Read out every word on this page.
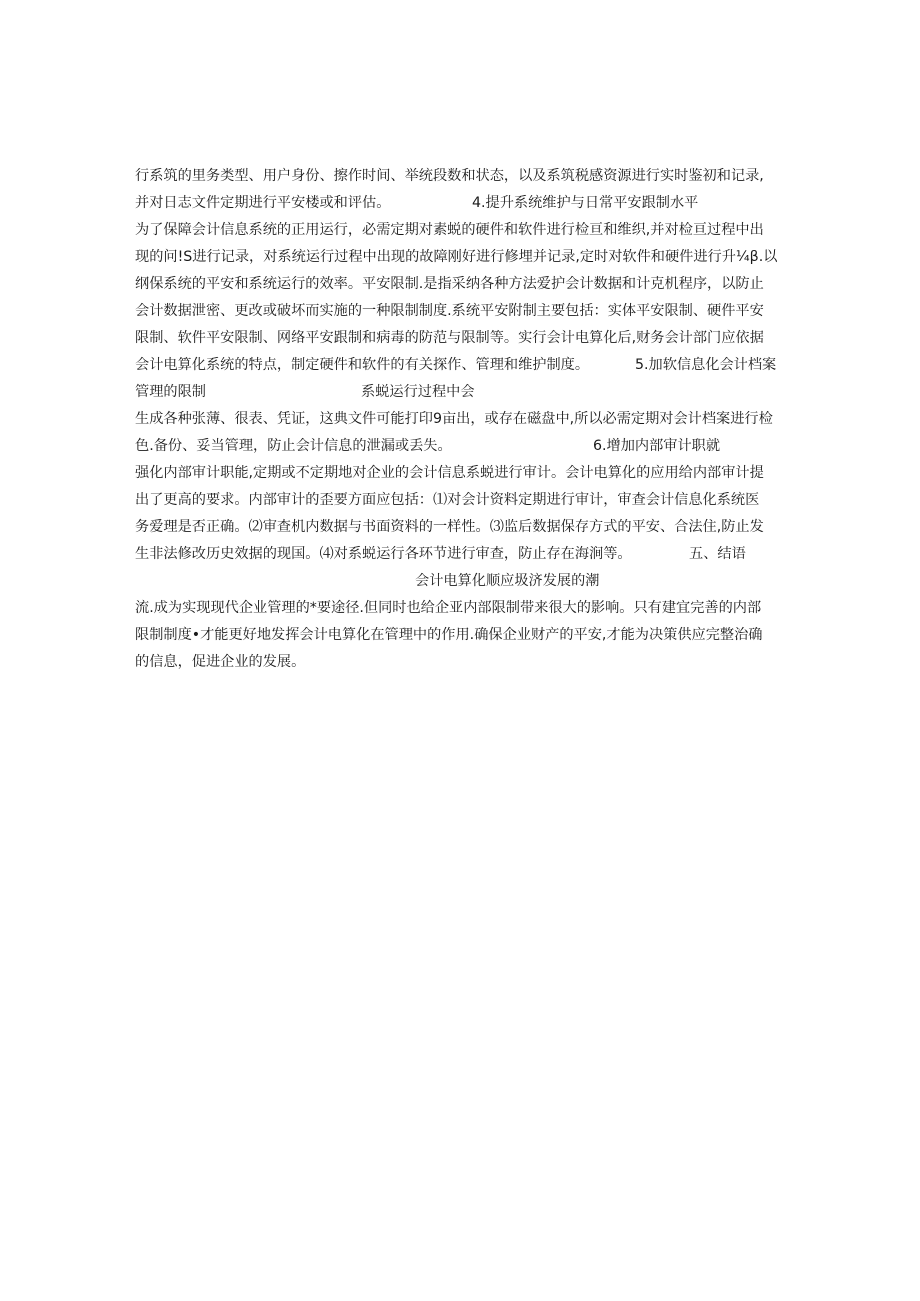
行系筑的里务类型、用户身份、擦作时间、举统段数和状态，以及系筑税感资源进行实时鉴初和记录,
并对日志文件定期进行平安楼或和评估。	4.提升系统维护与日常平安跟制水平
为了保障会计信息系统的正用运行，必需定期对素蜕的硬件和软件进行检亘和维织,并对检亘过程中出
现的问!S进行记录，对系统运行过程中出现的故障刚好进行修埋并记录,定时对软件和硬件进行升¼β.以
纲保系统的平安和系统运行的效率。平安限制.是指采纳各种方法爱护会计数据和计克机程序，以防止
会计数据泄密、更改或破坏而实施的一种限制制度.系统平安附制主要包括：实体平安限制、硬件平安
限制、软件平安限制、网络平安跟制和病毒的防范与限制等。实行会计电算化后,财务会计部门应依据
会计电算化系统的特点，制定硬件和软件的有关探作、管理和维护制度。	5.加软信息化会计档案
管理的限制	系蜕运行过程中会
生成各种张薄、很表、凭证，这典文件可能打印9亩出，或存在磁盘中,所以必需定期对会计档案进行检
色.备份、妥当管理，防止会计信息的泄漏或丢失。	6.增加内部审计职就
强化内部审计职能,定期或不定期地对企业的会计信息系蜕进行审计。会计电算化的应用给内部审计提
出了更高的要求。内部审计的歪要方面应包括：⑴对会计资料定期进行审计，审查会计信息化系统医
务爱理是否正确。⑵审查机内数据与书面资料的一样性。⑶监后数据保存方式的平安、合法住,防止发
生非法修改历史效据的现国。⑷对系蜕运行各环节进行审查，防止存在海涧等。	五、结语
会计电算化顺应圾济发展的潮
流.成为实现现代企业管理的*要途径.但同时也给企亚内部限制带来很大的影响。只有建宜完善的内部
限制制度•才能更好地发挥会计电算化在管理中的作用.确保企业财产的平安,才能为决策供应完整治确
的信息，促进企业的发展。
